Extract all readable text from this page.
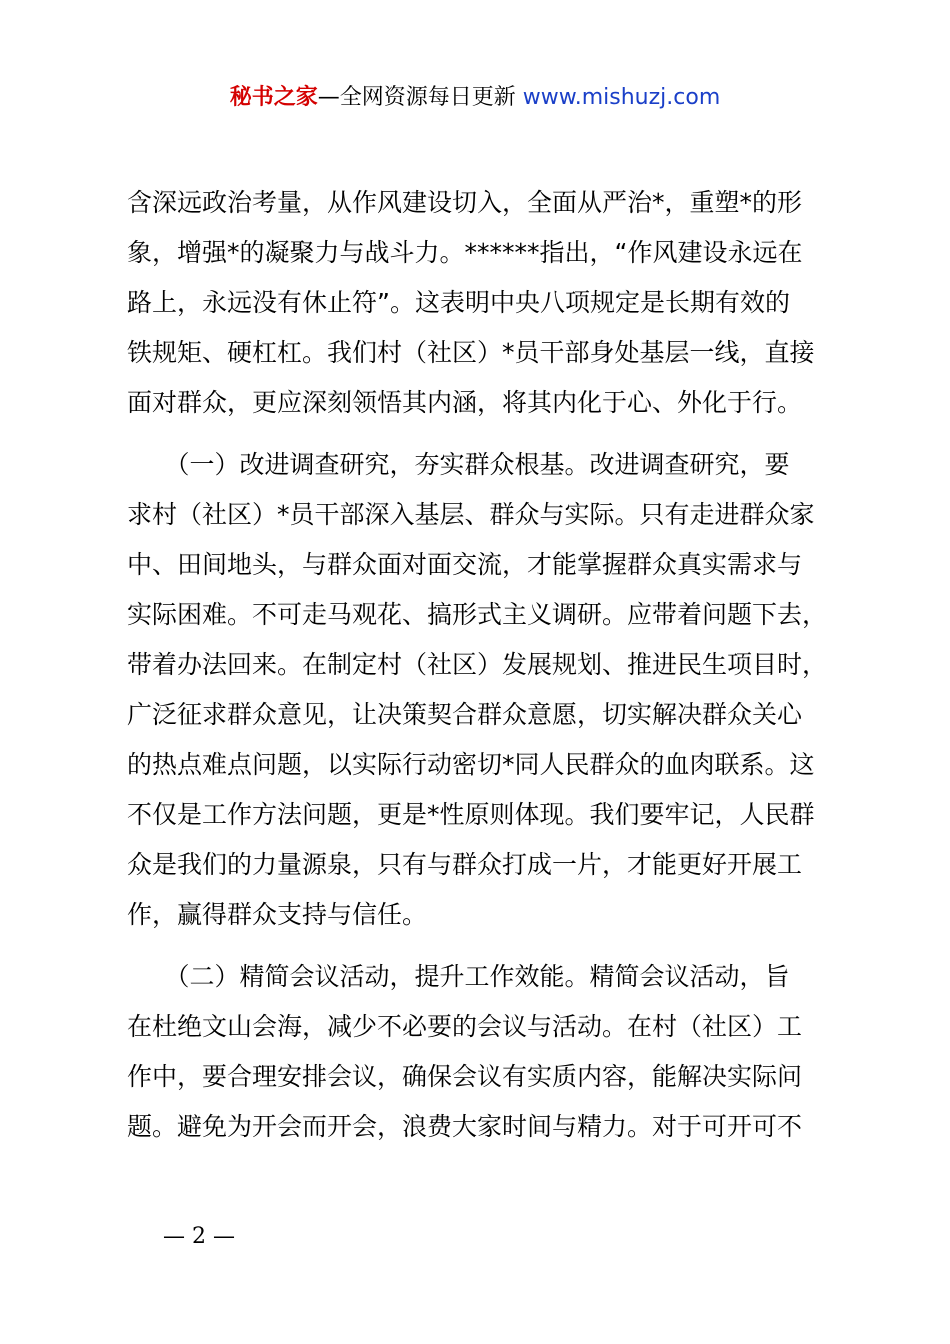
秘书之家—全网资源每日更新 www.mishuzj.com

含深远政治考量，从作风建设切入，全面从严治*，重塑*的形
象，增强*的凝聚力与战斗力。******指出，“作风建设永远在
路上，永远没有休止符”。这表明中央八项规定是长期有效的
铁规矩、硬杠杠。我们村（社区）*员干部身处基层一线，直接
面对群众，更应深刻领悟其内涵，将其内化于心、外化于行。

　　（一）改进调查研究，夯实群众根基。改进调查研究，要
求村（社区）*员干部深入基层、群众与实际。只有走进群众家
中、田间地头，与群众面对面交流，才能掌握群众真实需求与
实际困难。不可走马观花、搞形式主义调研。应带着问题下去，
带着办法回来。在制定村（社区）发展规划、推进民生项目时，
广泛征求群众意见，让决策契合群众意愿，切实解决群众关心
的热点难点问题，以实际行动密切*同人民群众的血肉联系。这
不仅是工作方法问题，更是*性原则体现。我们要牢记，人民群
众是我们的力量源泉，只有与群众打成一片，才能更好开展工
作，赢得群众支持与信任。

　　（二）精简会议活动，提升工作效能。精简会议活动，旨
在杜绝文山会海，减少不必要的会议与活动。在村（社区）工
作中，要合理安排会议，确保会议有实质内容，能解决实际问
题。避免为开会而开会，浪费大家时间与精力。对于可开可不

— 2 —
